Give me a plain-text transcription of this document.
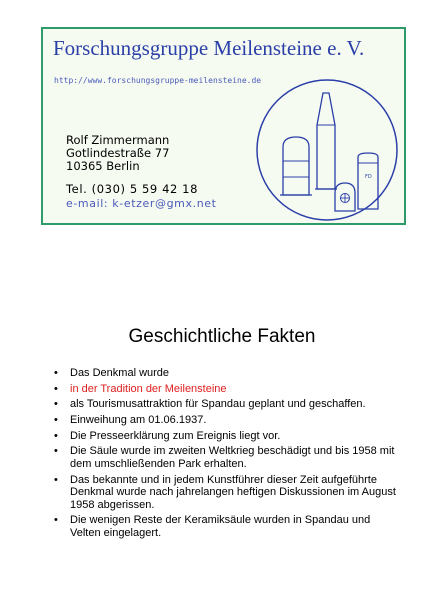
Forschungsgruppe Meilensteine e. V.
http://www.forschungsgruppe-meilensteine.de
Rolf Zimmermann
Gotlindestraße 77
10365 Berlin
Tel. (030) 5 59 42 18
e-mail: k-etzer@gmx.net
FD
Geschichtliche Fakten
• Das Denkmal wurde
• in der Tradition der Meilensteine
• als Tourismusattraktion für Spandau geplant und geschaffen.
• Einweihung am 01.06.1937.
• Die Presseerklärung zum Ereignis liegt vor.
• Die Säule wurde im zweiten Weltkrieg beschädigt und bis 1958 mit dem umschließenden Park erhalten.
• Das bekannte und in jedem Kunstführer dieser Zeit aufgeführte Denkmal wurde nach jahrelangen heftigen Diskussionen im August 1958 abgerissen.
• Die wenigen Reste der Keramiksäule wurden in Spandau und Velten eingelagert.
